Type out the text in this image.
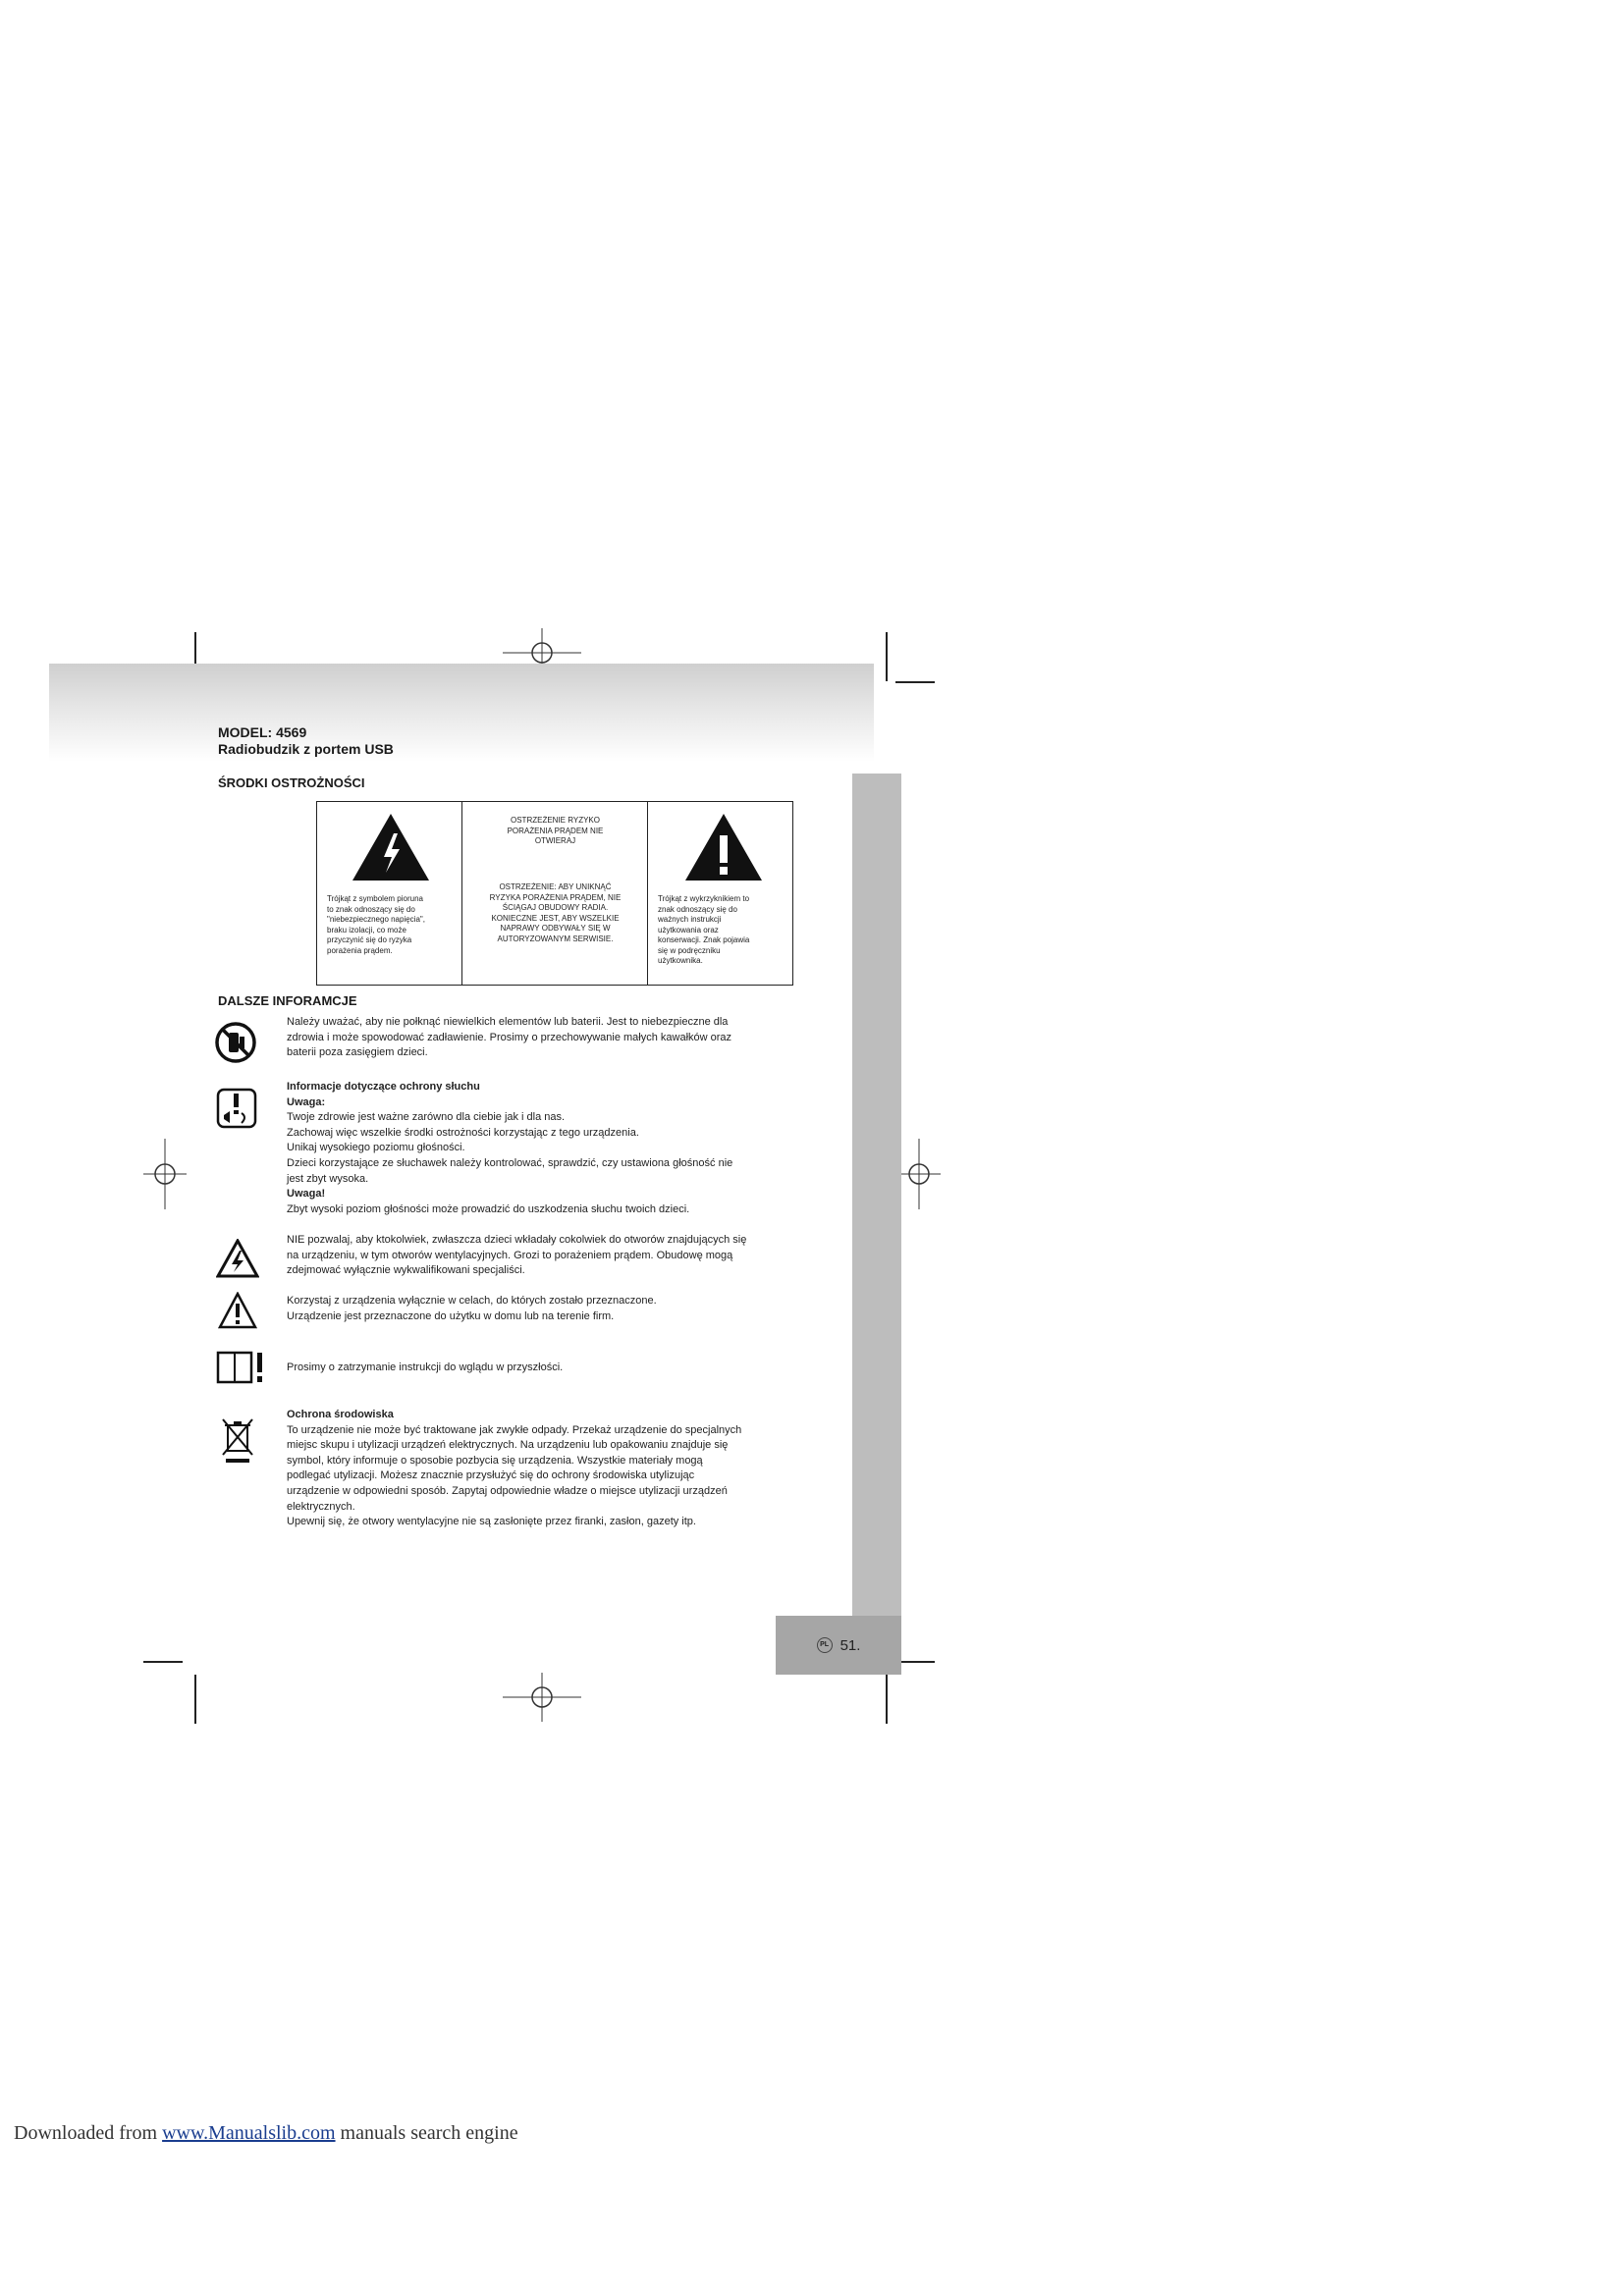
PL 51.
MODEL: 4569
Radiobudzik z portem USB
ŚRODKI OSTROŻNOŚCI
Trójkąt z symbolem pioruna
to znak odnoszący się do
"niebezpiecznego napięcia",
braku izolacji, co może
przyczynić się do ryzyka
porażenia prądem.
OSTRZEŻENIE RYZYKO
PORAŻENIA PRĄDEM NIE
OTWIERAJ
OSTRZEŻENIE: ABY UNIKNĄĆ
RYZYKA PORAŻENIA PRĄDEM, NIE
ŚCIĄGAJ OBUDOWY RADIA.
KONIECZNE JEST, ABY WSZELKIE
NAPRAWY ODBYWAŁY SIĘ W
AUTORYZOWANYM SERWISIE.
Trójkąt z wykrzyknikiem to
znak odnoszący się do
ważnych instrukcji
użytkowania oraz
konserwacji. Znak pojawia
się w podręczniku
użytkownika.
DALSZE INFORAMCJE
Należy uważać, aby nie połknąć niewielkich elementów lub baterii. Jest to niebezpieczne dla
zdrowia i może spowodować zadławienie. Prosimy o przechowywanie małych kawałków oraz
baterii poza zasięgiem dzieci.
Informacje dotyczące ochrony słuchu
Uwaga:
Twoje zdrowie jest ważne zarówno dla ciebie jak i dla nas.
Zachowaj więc wszelkie środki ostrożności korzystając z tego urządzenia.
Unikaj wysokiego poziomu głośności.
Dzieci korzystające ze słuchawek należy kontrolować, sprawdzić, czy ustawiona głośność nie
jest zbyt wysoka.
Uwaga!
Zbyt wysoki poziom głośności może prowadzić do uszkodzenia słuchu twoich dzieci.
NIE pozwalaj, aby ktokolwiek, zwłaszcza dzieci wkładały cokolwiek do otworów znajdujących się
na urządzeniu, w tym otworów wentylacyjnych. Grozi to porażeniem prądem. Obudowę mogą
zdejmować wyłącznie wykwalifikowani specjaliści.
Korzystaj z urządzenia wyłącznie w celach, do których zostało przeznaczone.
Urządzenie jest przeznaczone do użytku w domu lub na terenie firm.
Prosimy o zatrzymanie instrukcji do wglądu w przyszłości.
Ochrona środowiska
To urządzenie nie może być traktowane jak zwykłe odpady. Przekaż urządzenie do specjalnych
miejsc skupu i utylizacji urządzeń elektrycznych. Na urządzeniu lub opakowaniu znajduje się
symbol, który informuje o sposobie pozbycia się urządzenia. Wszystkie materiały mogą
podlegać utylizacji. Możesz znacznie przysłużyć się do ochrony środowiska utylizując
urządzenie w odpowiedni sposób. Zapytaj odpowiednie władze o miejsce utylizacji urządzeń
elektrycznych.
Upewnij się, że otwory wentylacyjne nie są zasłonięte przez firanki, zasłon, gazety itp.
Downloaded from www.Manualslib.com manuals search engine
